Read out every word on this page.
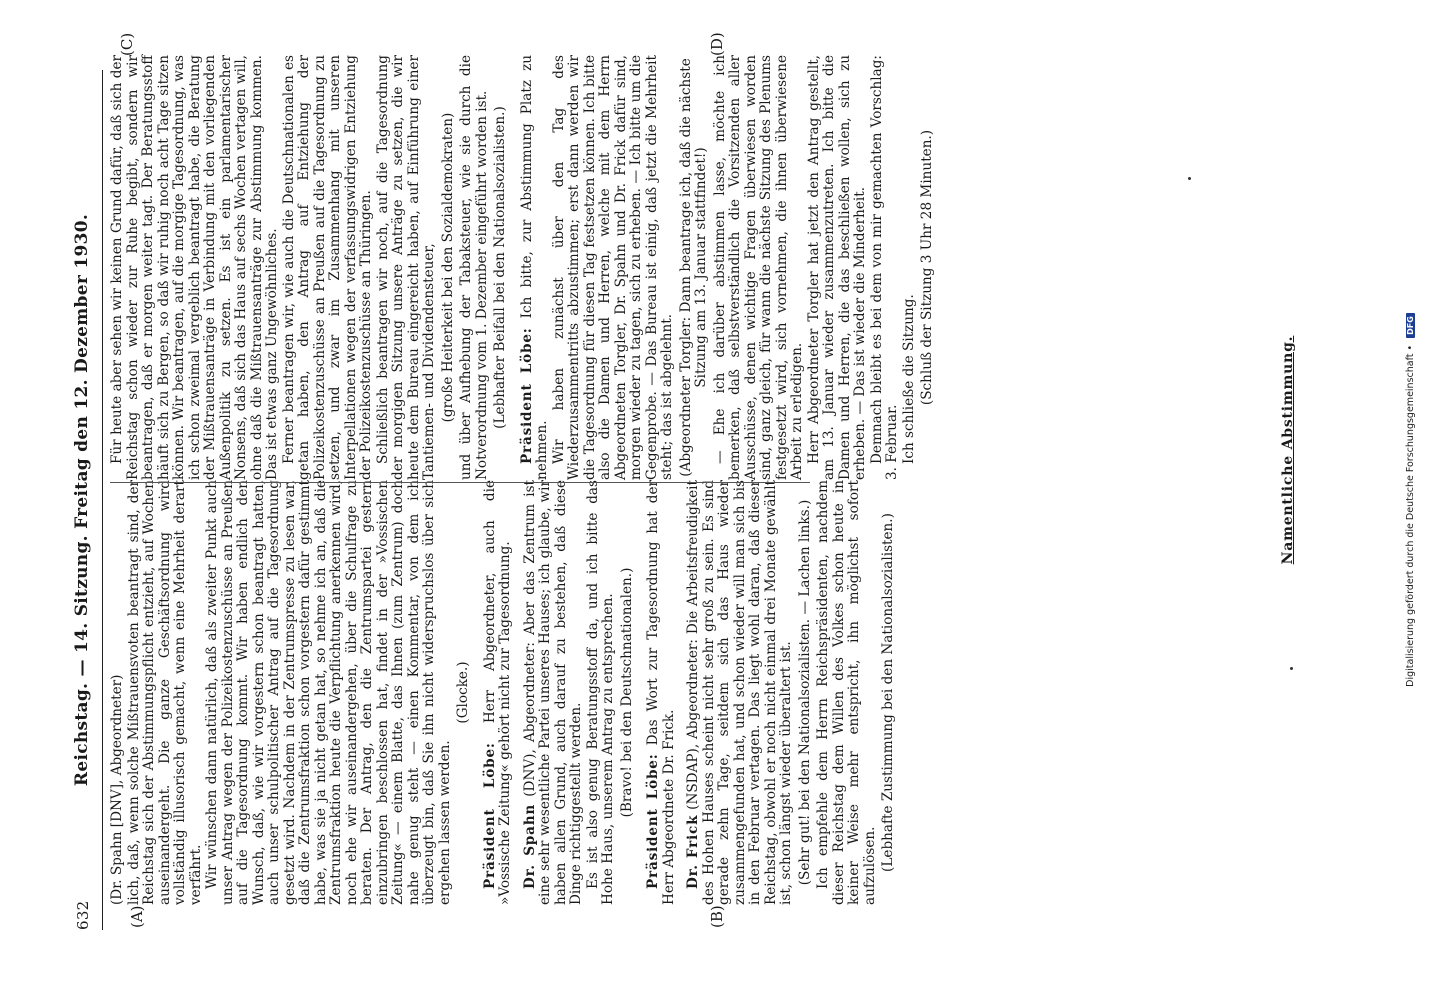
632
Reichstag. — 14. Sitzung. Freitag den 12. Dezember 1930.
(A)	(B)
(C)	(D)

(Dr. Spahn [DNV], Abgeordneter) lich, daß, wenn solche Mißtrauensvoten beantragt sind, der Reichstag sich der Abstimmungspflicht entzieht, auf Wochen auseinandergeht. Die ganze Geschäftsordnung wird vollständig illusorisch gemacht, wenn eine Mehrheit derart verfährt. Wir wünschen dann natürlich, daß als zweiter Punkt auch unser Antrag wegen der Polizeikostenzuschüsse an Preußen auf die Tagesordnung kommt. Wir haben endlich den Wunsch, daß, wie wir vorgestern schon beantragt hatten, auch unser schulpolitischer Antrag auf die Tagesordnung gesetzt wird. Nachdem in der Zentrumspresse zu lesen war, daß die Zentrumsfraktion schon vorgestern dafür gestimmt habe, was sie ja nicht getan hat, so nehme ich an, daß die Zentrumsfraktion heute die Verpflichtung anerkennen wird, noch ehe wir auseinandergehen, über die Schulfrage zu beraten. Der Antrag, den die Zentrumspartei gestern einzubringen beschlossen hat, findet in der »Vossischen Zeitung« — einem Blatte, das Ihnen (zum Zentrum) doch nahe genug steht — einen Kommentar, von dem ich überzeugt bin, daß Sie ihn nicht widerspruchslos über sich ergehen lassen werden.

(Glocke.)

Präsident Löbe: Herr Abgeordneter, auch die »Vossische Zeitung« gehört nicht zur Tagesordnung. Dr. Spahn (DNV), Abgeordneter: Aber das Zentrum ist eine sehr wesentliche Partei unseres Hauses; ich glaube, wir haben allen Grund, auch darauf zu bestehen, daß diese Dinge richtiggestellt werden. Es ist also genug Beratungsstoff da, und ich bitte das Hohe Haus, unserem Antrag zu entsprechen. (Bravo! bei den Deutschnationalen.)

Präsident Löbe: Das Wort zur Tagesordnung hat der Herr Abgeordnete Dr. Frick. Dr. Frick (NSDAP), Abgeordneter: Die Arbeitsfreudigkeit des Hohen Hauses scheint nicht sehr groß zu sein. Es sind gerade zehn Tage, seitdem sich das Haus wieder zusammengefunden hat, und schon wieder will man sich bis in den Februar vertagen. Das liegt wohl daran, daß dieser Reichstag, obwohl er noch nicht einmal drei Monate gewählt ist, schon längst wieder überaltert ist. (Sehr gut! bei den Nationalsozialisten. — Lachen links.) Ich empfehle dem Herrn Reichspräsidenten, nachdem dieser Reichstag dem Willen des Volkes schon heute in keiner Weise mehr entspricht, ihn möglichst sofort aufzulösen. (Lebhafte Zustimmung bei den Nationalsozialisten.)

Für heute aber sehen wir keinen Grund dafür, daß sich der Reichstag schon wieder zur Ruhe begibt, sondern wir beantragen, daß er morgen weiter tagt. Der Beratungsstoff häuft sich zu Bergen, so daß wir ruhig noch acht Tage sitzen können. Wir beantragen, auf die morgige Tagesordnung, was ich schon zweimal vergeblich beantragt habe, die Beratung der Mißtrauensanträge in Verbindung mit den vorliegenden Außenpolitik zu setzen. Es ist ein parlamentarischer Nonsens, daß sich das Haus auf sechs Wochen vertagen will, ohne daß die Mißtrauensanträge zur Abstimmung kommen. Das ist etwas ganz Ungewöhnliches. Ferner beantragen wir, wie auch die Deutschnationalen es getan haben, den Antrag auf Entziehung der Polizeikostenzuschüsse an Preußen auf die Tagesordnung zu setzen, und zwar im Zusammenhang mit unseren Interpellationen wegen der verfassungswidrigen Entziehung der Polizeikostenzuschüsse an Thüringen. Schließlich beantragen wir noch, auf die Tagesordnung der morgigen Sitzung unsere Anträge zu setzen, die wir heute dem Bureau eingereicht haben, auf Einführung einer Tantiemen- und Dividendensteuer, (große Heiterkeit bei den Sozialdemokraten) und über Aufhebung der Tabaksteuer, wie sie durch die Notverordnung vom 1. Dezember eingeführt worden ist. (Lebhafter Beifall bei den Nationalsozialisten.) Präsident Löbe: Ich bitte, zur Abstimmung Platz zu nehmen. Wir haben zunächst über den Tag des Wiederzusammentritts abzustimmen; erst dann werden wir die Tagesordnung für diesen Tag festsetzen können. Ich bitte also die Damen und Herren, welche mit dem Herrn Abgeordneten Torgler, Dr. Spahn und Dr. Frick dafür sind, morgen wieder zu tagen, sich zu erheben. — Ich bitte um die Gegenprobe. — Das Bureau ist einig, daß jetzt die Mehrheit steht; das ist abgelehnt. (Abgeordneter Torgler: Dann beantrage ich, daß die nächste Sitzung am 13. Januar stattfindet!) — Ehe ich darüber abstimmen lasse, möchte ich bemerken, daß selbstverständlich die Vorsitzenden aller Ausschüsse, denen wichtige Fragen überwiesen worden sind, ganz gleich, für wann die nächste Sitzung des Plenums festgesetzt wird, sich vornehmen, die ihnen überwiesene Arbeit zu erledigen. Herr Abgeordneter Torgler hat jetzt den Antrag gestellt, am 13. Januar wieder zusammenzutreten. Ich bitte die Damen und Herren, die das beschließen wollen, sich zu erheben. — Das ist wieder die Minderheit. Demnach bleibt es bei dem von mir gemachten Vorschlag: 3. Februar. Ich schließe die Sitzung. (Schluß der Sitzung 3 Uhr 28 Minuten.)

Namentliche Abstimmung.	Digitalisierung gefördert durch die Deutsche Forschungsgemeinschaft • DFG
